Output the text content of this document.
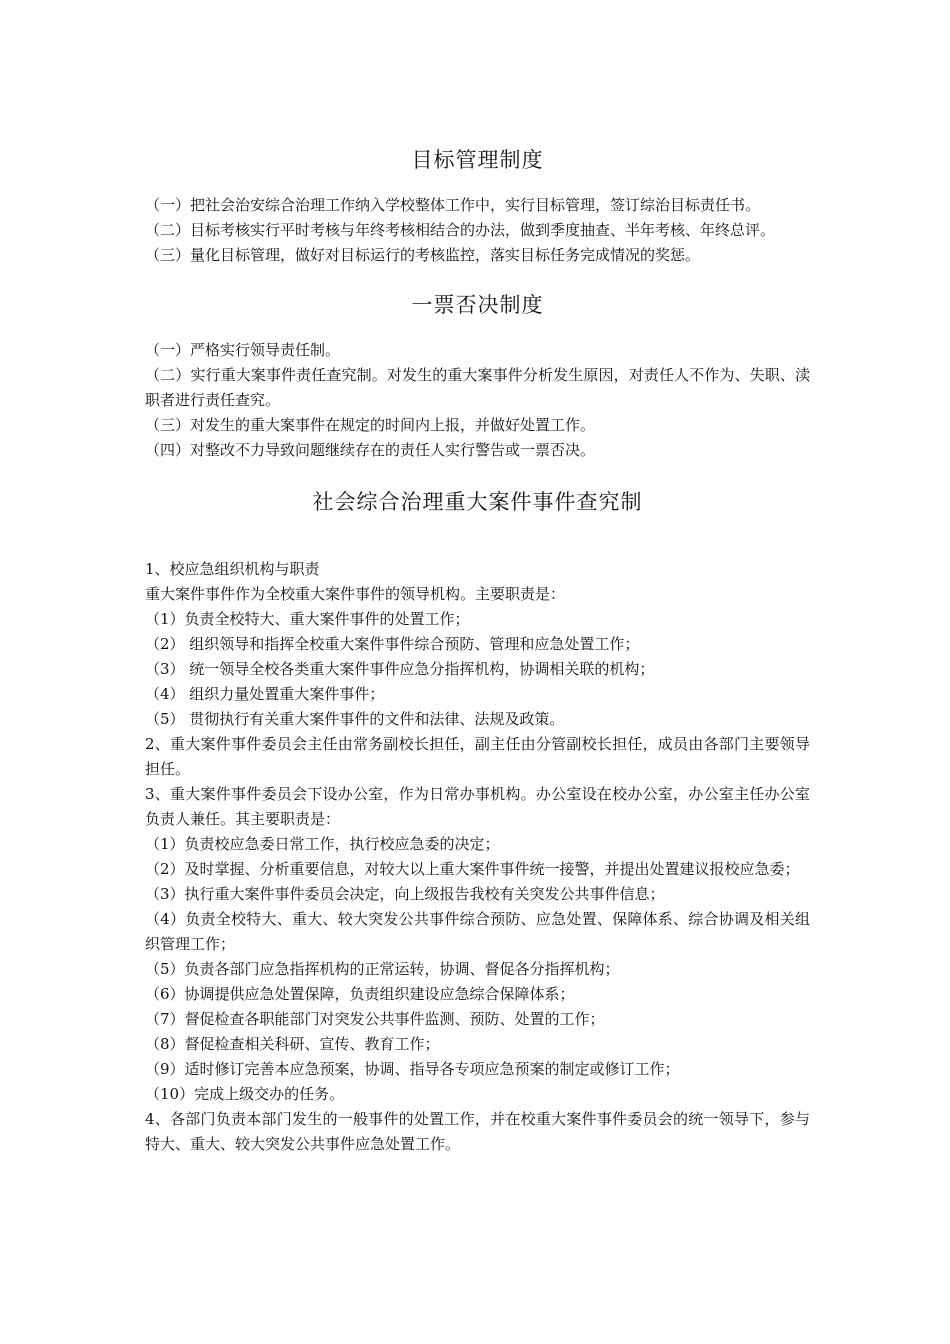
目标管理制度

（一）把社会治安综合治理工作纳入学校整体工作中，实行目标管理，签订综治目标责任书。

（二）目标考核实行平时考核与年终考核相结合的办法，做到季度抽查、半年考核、年终总评。

（三）量化目标管理，做好对目标运行的考核监控，落实目标任务完成情况的奖惩。

一票否决制度

（一）严格实行领导责任制。

（二）实行重大案事件责任查究制。对发生的重大案事件分析发生原因，对责任人不作为、失职、渎职者进行责任查究。

（三）对发生的重大案事件在规定的时间内上报，并做好处置工作。

（四）对整改不力导致问题继续存在的责任人实行警告或一票否决。

社会综合治理重大案件事件查究制

1、校应急组织机构与职责

重大案件事件作为全校重大案件事件的领导机构。主要职责是：

（1）负责全校特大、重大案件事件的处置工作；

（2） 组织领导和指挥全校重大案件事件综合预防、管理和应急处置工作；

（3） 统一领导全校各类重大案件事件应急分指挥机构，协调相关联的机构；

（4） 组织力量处置重大案件事件；

（5） 贯彻执行有关重大案件事件的文件和法律、法规及政策。

2、重大案件事件委员会主任由常务副校长担任，副主任由分管副校长担任，成员由各部门主要领导担任。

3、重大案件事件委员会下设办公室，作为日常办事机构。办公室设在校办公室，办公室主任办公室负责人兼任。其主要职责是：

（1）负责校应急委日常工作，执行校应急委的决定；

（2）及时掌握、分析重要信息，对较大以上重大案件事件统一接警，并提出处置建议报校应急委；

（3）执行重大案件事件委员会决定，向上级报告我校有关突发公共事件信息；

（4）负责全校特大、重大、较大突发公共事件综合预防、应急处置、保障体系、综合协调及相关组织管理工作；

（5）负责各部门应急指挥机构的正常运转，协调、督促各分指挥机构；

（6）协调提供应急处置保障，负责组织建设应急综合保障体系；

（7）督促检查各职能部门对突发公共事件监测、预防、处置的工作；

（8）督促检查相关科研、宣传、教育工作；

（9）适时修订完善本应急预案，协调、指导各专项应急预案的制定或修订工作；

（10）完成上级交办的任务。

4、各部门负责本部门发生的一般事件的处置工作，并在校重大案件事件委员会的统一领导下，参与特大、重大、较大突发公共事件应急处置工作。
